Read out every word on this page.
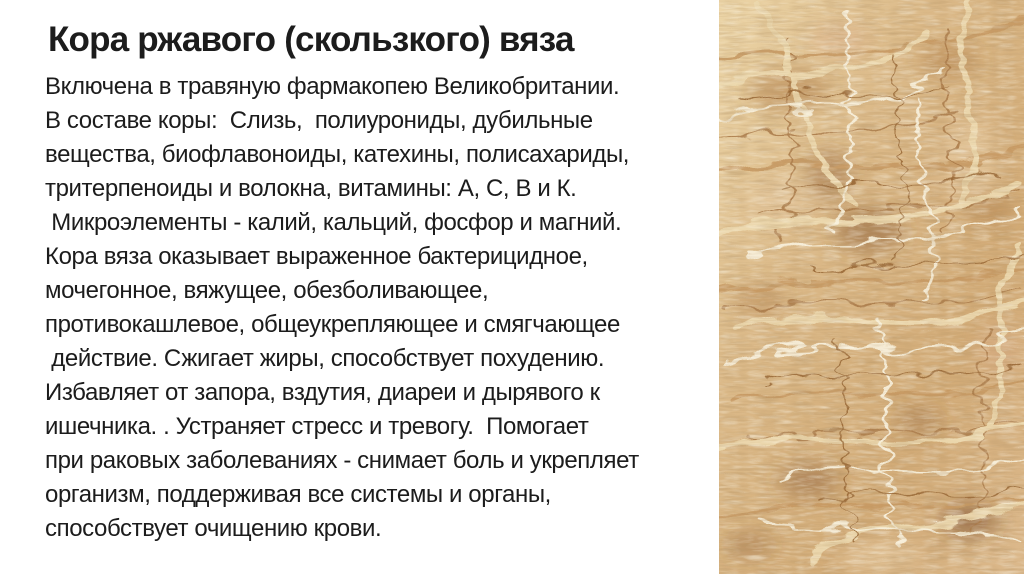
Кора ржавого (скользкого) вяза
Включена в травяную фармакопею Великобритании.
В составе коры:  Слизь,  полиурониды, дубильные
вещества, биофлавоноиды, катехины, полисахариды,
тритерпеноиды и волокна, витамины: А, С, В и К.
Микроэлементы - калий, кальций, фосфор и магний.
Кора вяза оказывает выраженное бактерицидное,
мочегонное, вяжущее, обезболивающее,
противокашлевое, общеукрепляющее и смягчающее
действие. Сжигает жиры, способствует похудению.
Избавляет от запора, вздутия, диареи и дырявого к
ишечника. . Устраняет стресс и тревогу.  Помогает
при раковых заболеваниях - снимает боль и укрепляет
организм, поддерживая все системы и органы,
способствует очищению крови.
